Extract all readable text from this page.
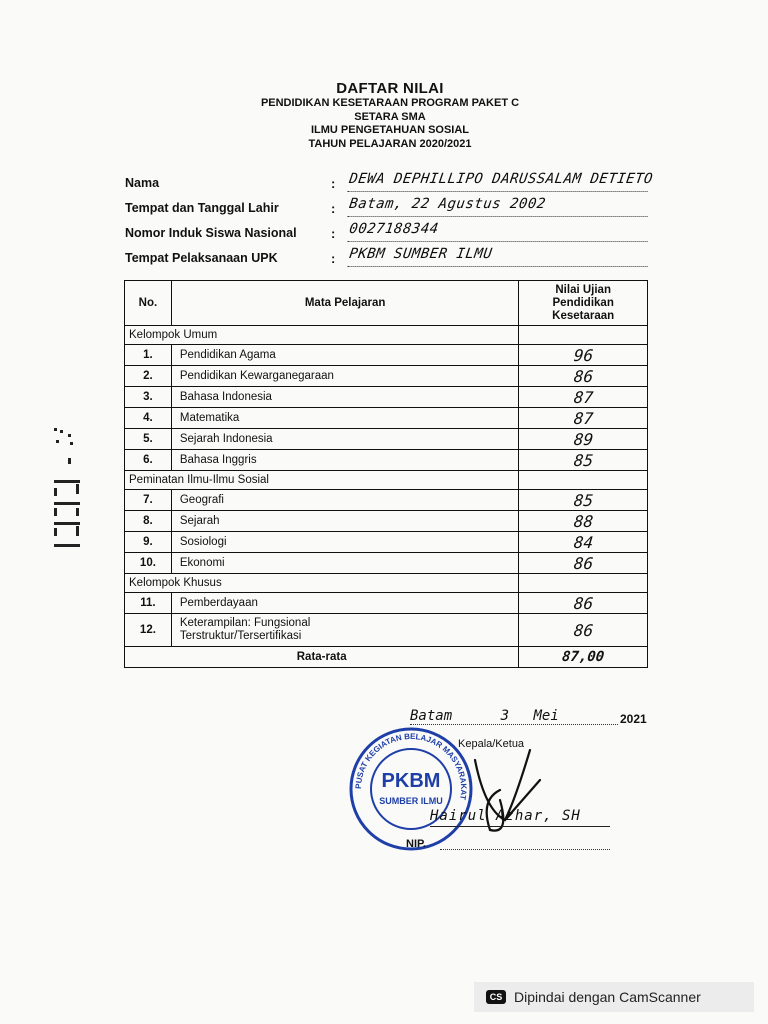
DAFTAR NILAI
PENDIDIKAN KESETARAAN PROGRAM PAKET C
SETARA SMA
ILMU PENGETAHUAN SOSIAL
TAHUN PELAJARAN 2020/2021
Nama	: DEWA DEPHILLIPO DARUSSALAM DETIETO
Tempat dan Tanggal Lahir	: Batam, 22 Agustus 2002
Nomor Induk Siswa Nasional	: 0027188344
Tempat Pelaksanaan UPK	: PKBM SUMBER ILMU
No.	Mata Pelajaran	Nilai Ujian Pendidikan Kesetaraan
Kelompok Umum		
1.	Pendidikan Agama	96
2.	Pendidikan Kewarganegaraan	86
3.	Bahasa Indonesia	87
4.	Matematika	87
5.	Sejarah Indonesia	89
6.	Bahasa Inggris	85
Peminatan Ilmu-Ilmu Sosial		
7.	Geografi	85
8.	Sejarah	88
9.	Sosiologi	84
10.	Ekonomi	86
Kelompok Khusus		
11.	Pemberdayaan	86
12.	Keterampilan: Fungsional
Terstruktur/Tersertifikasi	86
Rata-rata		87,00
PUSAT KEGIATAN BELAJAR MASYARAKAT
PKBM
SUMBER ILMU
Batam	3 Mei	2021
Kepala/Ketua
Hairul Azhar, SH
NIP.
CS Dipindai dengan CamScanner
